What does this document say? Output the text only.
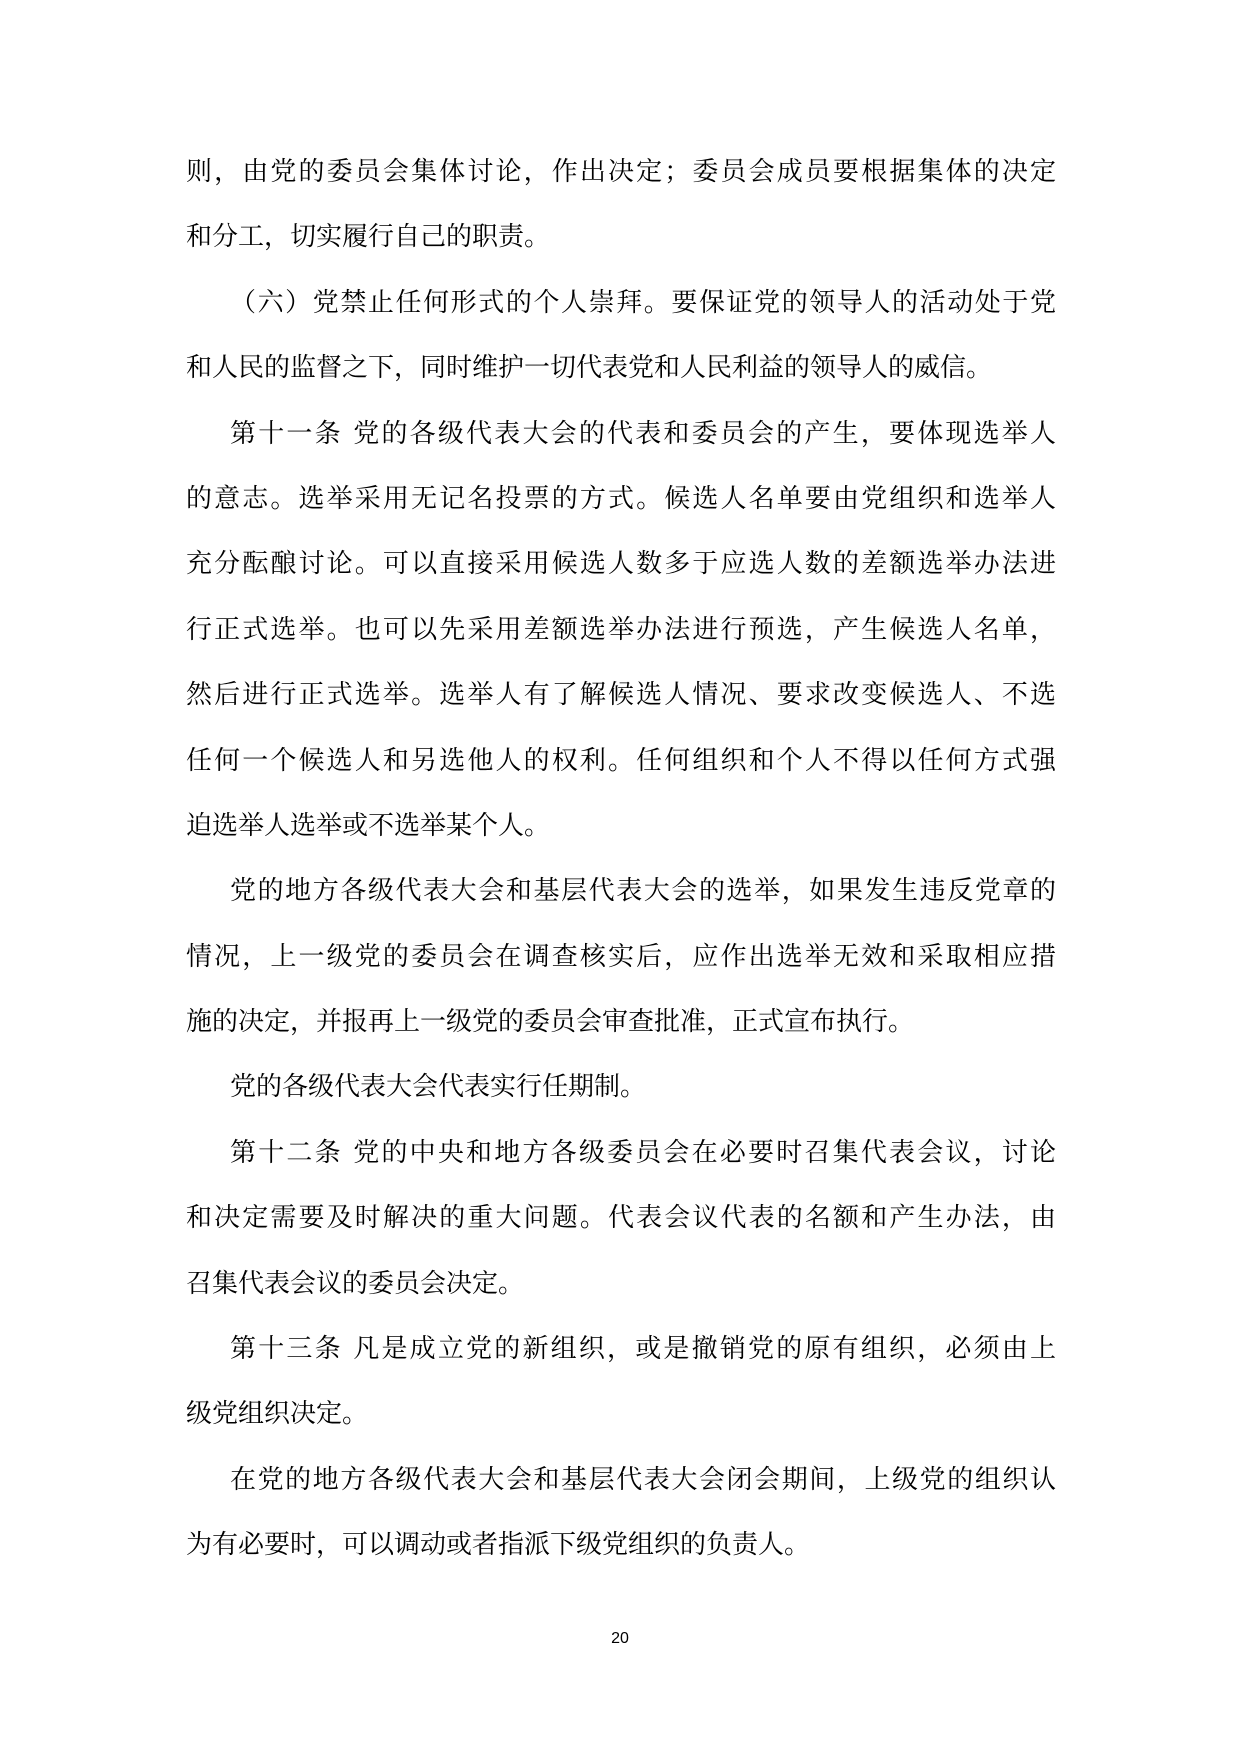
则，由党的委员会集体讨论，作出决定；委员会成员要根据集体的决定
和分工，切实履行自己的职责。
（六）党禁止任何形式的个人崇拜。要保证党的领导人的活动处于党
和人民的监督之下，同时维护一切代表党和人民利益的领导人的威信。
第十一条 党的各级代表大会的代表和委员会的产生，要体现选举人
的意志。选举采用无记名投票的方式。候选人名单要由党组织和选举人
充分酝酿讨论。可以直接采用候选人数多于应选人数的差额选举办法进
行正式选举。也可以先采用差额选举办法进行预选，产生候选人名单，
然后进行正式选举。选举人有了解候选人情况、要求改变候选人、不选
任何一个候选人和另选他人的权利。任何组织和个人不得以任何方式强
迫选举人选举或不选举某个人。
党的地方各级代表大会和基层代表大会的选举，如果发生违反党章的
情况，上一级党的委员会在调查核实后，应作出选举无效和采取相应措
施的决定，并报再上一级党的委员会审查批准，正式宣布执行。
党的各级代表大会代表实行任期制。
第十二条 党的中央和地方各级委员会在必要时召集代表会议，讨论
和决定需要及时解决的重大问题。代表会议代表的名额和产生办法，由
召集代表会议的委员会决定。
第十三条 凡是成立党的新组织，或是撤销党的原有组织，必须由上
级党组织决定。
在党的地方各级代表大会和基层代表大会闭会期间，上级党的组织认
为有必要时，可以调动或者指派下级党组织的负责人。
20
